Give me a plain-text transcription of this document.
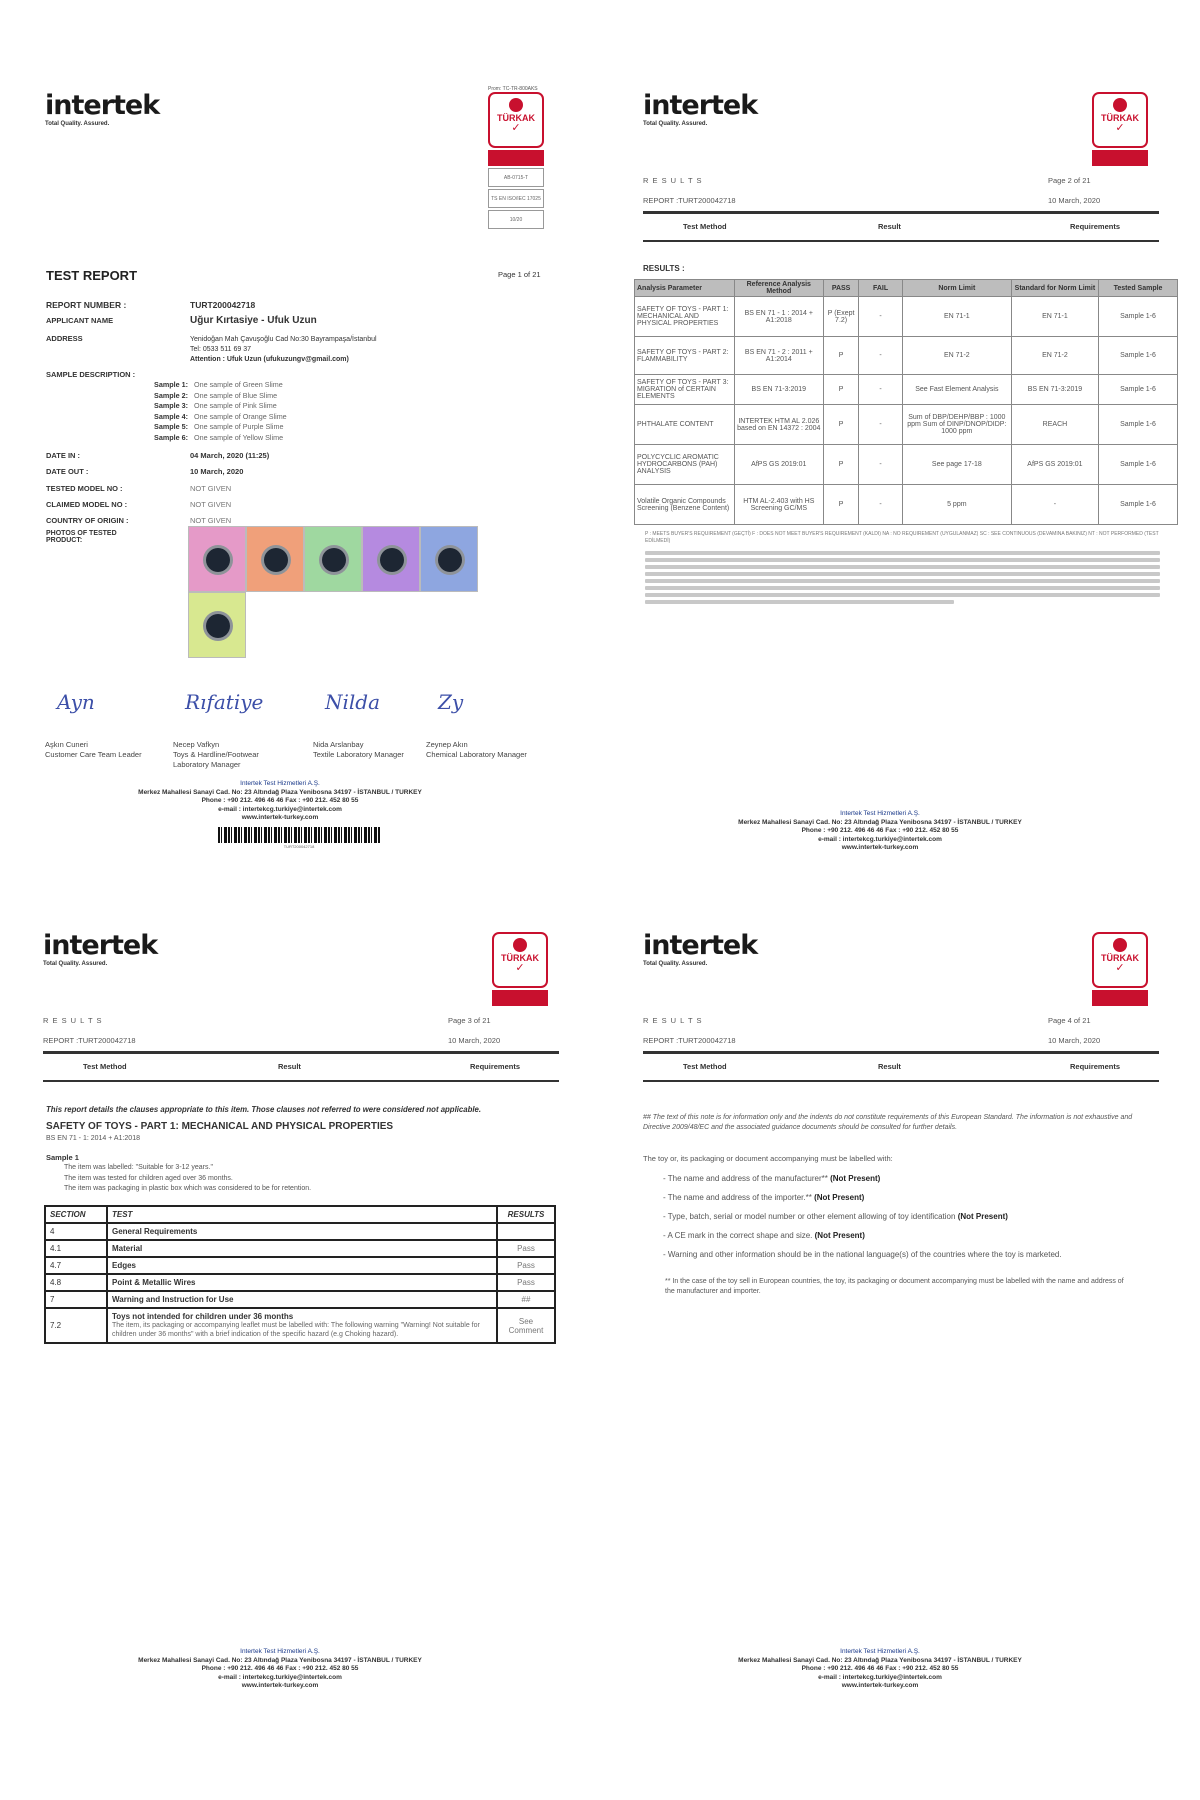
intertek
Total Quality. Assured.
Prom: TC-TR-800AKS
TÜRKAK
✓
AB-0715-T
TS EN ISO/IEC 17025
10/20
TEST REPORT	Page 1 of 21
REPORT NUMBER :	TURT200042718
APPLICANT NAME	Uğur Kırtasiye - Ufuk Uzun
ADDRESS	Yenidoğan Mah Çavuşoğlu Cad No:30 Bayrampaşa/İstanbul
Tel: 0533 511 69 37
Attention : Ufuk Uzun (ufukuzungv@gmail.com)
SAMPLE DESCRIPTION :
Sample 1: One sample of Green Slime
Sample 2: One sample of Blue Slime
Sample 3: One sample of Pink Slime
Sample 4: One sample of Orange Slime
Sample 5: One sample of Purple Slime
Sample 6: One sample of Yellow Slime
DATE IN :	04 March, 2020 (11:25)
DATE OUT :	10 March, 2020
TESTED MODEL NO :	NOT GIVEN
CLAIMED MODEL NO :	NOT GIVEN
COUNTRY OF ORIGIN :	NOT GIVEN
PHOTOS OF TESTED PRODUCT:
Ayn
Aşkın Cuneri
Customer Care Team Leader
Rıfatiye
Necep Vafkyn
Toys & Hardline/Footwear Laboratory Manager
Nilda
Nida Arslanbay
Textile Laboratory Manager
Zy
Zeynep Akın
Chemical Laboratory Manager
Intertek Test Hizmetleri A.Ş.
Merkez Mahallesi Sanayi Cad. No: 23 Altındağ Plaza Yenibosna 34197 - İSTANBUL / TURKEY
Phone : +90 212. 496 46 46 Fax : +90 212. 452 80 55
e-mail : intertekcg.turkiye@intertek.com
www.intertek-turkey.com
TURT200042718
intertek
Total Quality. Assured.
TÜRKAK
✓
R E S U L T S	Page 2 of 21
REPORT :TURT200042718	10 March, 2020
Test Method	Result	Requirements
Intertek Test Hizmetleri A.Ş.
Merkez Mahallesi Sanayi Cad. No: 23 Altındağ Plaza Yenibosna 34197 - İSTANBUL / TURKEY
Phone : +90 212. 496 46 46 Fax : +90 212. 452 80 55
e-mail : intertekcg.turkiye@intertek.com
www.intertek-turkey.com
intertek
Total Quality. Assured.
TÜRKAK
✓
R E S U L T S	Page 3 of 21
REPORT :TURT200042718	10 March, 2020
Test Method	Result	Requirements
Intertek Test Hizmetleri A.Ş.
Merkez Mahallesi Sanayi Cad. No: 23 Altındağ Plaza Yenibosna 34197 - İSTANBUL / TURKEY
Phone : +90 212. 496 46 46 Fax : +90 212. 452 80 55
e-mail : intertekcg.turkiye@intertek.com
www.intertek-turkey.com
intertek
Total Quality. Assured.
TÜRKAK
✓
R E S U L T S	Page 4 of 21
REPORT :TURT200042718	10 March, 2020
Test Method	Result	Requirements
Intertek Test Hizmetleri A.Ş.
Merkez Mahallesi Sanayi Cad. No: 23 Altındağ Plaza Yenibosna 34197 - İSTANBUL / TURKEY
Phone : +90 212. 496 46 46 Fax : +90 212. 452 80 55
e-mail : intertekcg.turkiye@intertek.com
www.intertek-turkey.com
RESULTS :
Analysis Parameter	Reference Analysis Method	PASS	FAIL	Norm Limit	Standard for Norm Limit	Tested Sample
SAFETY OF TOYS - PART 1: MECHANICAL AND PHYSICAL PROPERTIES	BS EN 71 - 1 : 2014 + A1:2018	P (Exept 7.2)	-	EN 71-1	EN 71-1	Sample 1-6
SAFETY OF TOYS - PART 2: FLAMMABILITY	BS EN 71 - 2 : 2011 + A1:2014	P	-	EN 71-2	EN 71-2	Sample 1-6
SAFETY OF TOYS - PART 3: MIGRATION of CERTAIN ELEMENTS	BS EN 71-3:2019	P	-	See Fast Element Analysis	BS EN 71-3:2019	Sample 1-6
PHTHALATE CONTENT	INTERTEK HTM AL 2.026 based on EN 14372 : 2004	P	-	Sum of DBP/DEHP/BBP : 1000 ppm Sum of DINP/DNOP/DIDP: 1000 ppm	REACH	Sample 1-6
POLYCYCLIC AROMATIC HYDROCARBONS (PAH) ANALYSIS	AfPS GS 2019:01	P	-	See page 17-18	AfPS GS 2019:01	Sample 1-6
Volatile Organic Compounds Screening (Benzene Content)	HTM AL-2.403 with HS Screening GC/MS	P	-	5 ppm	-	Sample 1-6
P : MEETS BUYER'S REQUIREMENT (GEÇTİ) F : DOES NOT MEET BUYER'S REQUIREMENT (KALDI) NA : NO REQUIREMENT (UYGULANMAZ) SC : SEE CONTINUOUS (DEVAMINA BAKINIZ) NT : NOT PERFORMED (TEST EDİLMEDİ)
This report details the clauses appropriate to this item. Those clauses not referred to were considered not applicable.
SAFETY OF TOYS - PART 1: MECHANICAL AND PHYSICAL PROPERTIES
BS EN 71 - 1: 2014 + A1:2018
Sample 1
The item was labelled: "Suitable for 3-12 years."
The item was tested for children aged over 36 months.
The item was packaging in plastic box which was considered to be for retention.
SECTION	TEST	RESULTS
4	General Requirements	
4.1	Material	Pass
4.7	Edges	Pass
4.8	Point & Metallic Wires	Pass
7	Warning and Instruction for Use	##
7.2	Toys not intended for children under 36 months
The item, its packaging or accompanying leaflet must be labelled with: The following warning "Warning! Not suitable for children under 36 months" with a brief indication of the specific hazard (e.g Choking hazard).	See Comment
## The text of this note is for information only and the indents do not constitute requirements of this European Standard. The information is not exhaustive and Directive 2009/48/EC and the associated guidance documents should be consulted for further details.
The toy or, its packaging or document accompanying must be labelled with:
- The name and address of the manufacturer** (Not Present)
- The name and address of the importer.** (Not Present)
- Type, batch, serial or model number or other element allowing of toy identification (Not Present)
- A CE mark in the correct shape and size. (Not Present)
- Warning and other information should be in the national language(s) of the countries where the toy is marketed.
** In the case of the toy sell in European countries, the toy, its packaging or document accompanying must be labelled with the name and address of the manufacturer and importer.
